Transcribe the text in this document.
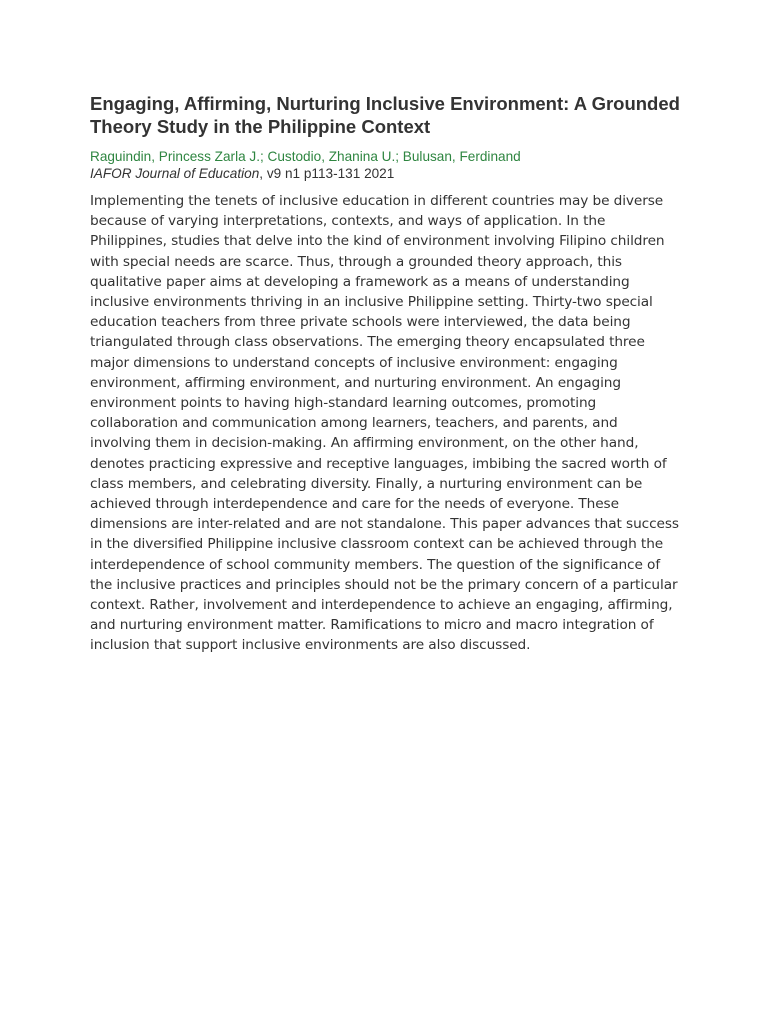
Engaging, Affirming, Nurturing Inclusive Environment: A Grounded Theory Study in the Philippine Context

Raguindin, Princess Zarla J.; Custodio, Zhanina U.; Bulusan, Ferdinand

IAFOR Journal of Education, v9 n1 p113-131 2021

Implementing the tenets of inclusive education in different countries may be diverse because of varying interpretations, contexts, and ways of application. In the Philippines, studies that delve into the kind of environment involving Filipino children with special needs are scarce. Thus, through a grounded theory approach, this qualitative paper aims at developing a framework as a means of understanding inclusive environments thriving in an inclusive Philippine setting. Thirty-two special education teachers from three private schools were interviewed, the data being triangulated through class observations. The emerging theory encapsulated three major dimensions to understand concepts of inclusive environment: engaging environment, affirming environment, and nurturing environment. An engaging environment points to having high-standard learning outcomes, promoting collaboration and communication among learners, teachers, and parents, and involving them in decision-making. An affirming environment, on the other hand, denotes practicing expressive and receptive languages, imbibing the sacred worth of class members, and celebrating diversity. Finally, a nurturing environment can be achieved through interdependence and care for the needs of everyone. These dimensions are inter-related and are not standalone. This paper advances that success in the diversified Philippine inclusive classroom context can be achieved through the interdependence of school community members. The question of the significance of the inclusive practices and principles should not be the primary concern of a particular context. Rather, involvement and interdependence to achieve an engaging, affirming, and nurturing environment matter. Ramifications to micro and macro integration of inclusion that support inclusive environments are also discussed.
